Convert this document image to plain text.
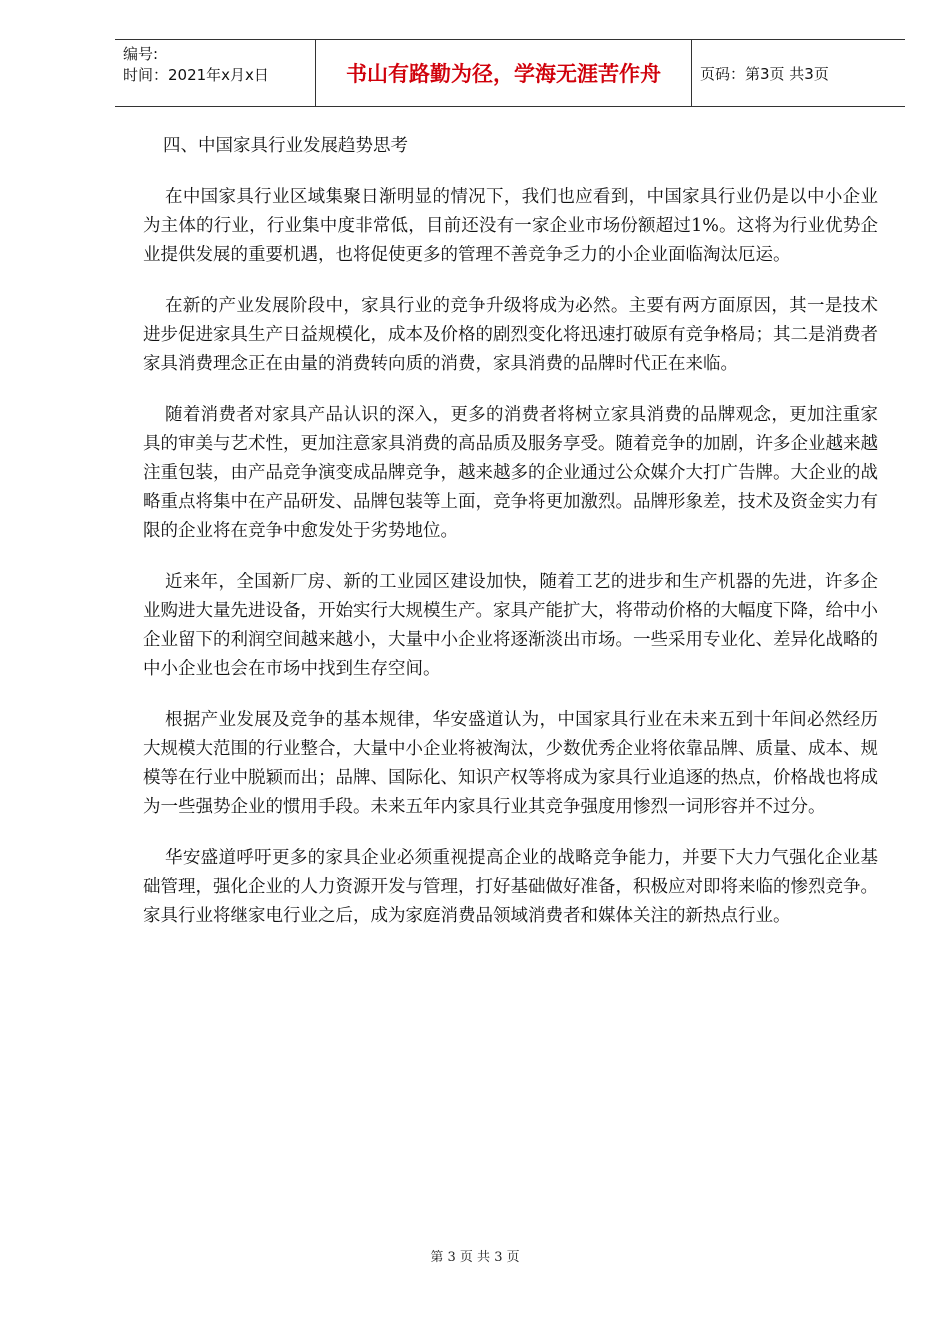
编号:
时间：2021年x月x日	书山有路勤为径，学海无涯苦作舟	页码：第3页 共3页

四、中国家具行业发展趋势思考

在中国家具行业区域集聚日渐明显的情况下，我们也应看到，中国家具行业仍是以中小企业为主体的行业，行业集中度非常低，目前还没有一家企业市场份额超过1%。这将为行业优势企业提供发展的重要机遇，也将促使更多的管理不善竞争乏力的小企业面临淘汰厄运。

在新的产业发展阶段中，家具行业的竞争升级将成为必然。主要有两方面原因，其一是技术进步促进家具生产日益规模化，成本及价格的剧烈变化将迅速打破原有竞争格局；其二是消费者家具消费理念正在由量的消费转向质的消费，家具消费的品牌时代正在来临。

随着消费者对家具产品认识的深入，更多的消费者将树立家具消费的品牌观念，更加注重家具的审美与艺术性，更加注意家具消费的高品质及服务享受。随着竞争的加剧，许多企业越来越注重包装，由产品竞争演变成品牌竞争，越来越多的企业通过公众媒介大打广告牌。大企业的战略重点将集中在产品研发、品牌包装等上面，竞争将更加激烈。品牌形象差，技术及资金实力有限的企业将在竞争中愈发处于劣势地位。

近来年，全国新厂房、新的工业园区建设加快，随着工艺的进步和生产机器的先进，许多企业购进大量先进设备，开始实行大规模生产。家具产能扩大，将带动价格的大幅度下降，给中小企业留下的利润空间越来越小，大量中小企业将逐渐淡出市场。一些采用专业化、差异化战略的中小企业也会在市场中找到生存空间。

根据产业发展及竞争的基本规律，华安盛道认为，中国家具行业在未来五到十年间必然经历大规模大范围的行业整合，大量中小企业将被淘汰，少数优秀企业将依靠品牌、质量、成本、规模等在行业中脱颖而出；品牌、国际化、知识产权等将成为家具行业追逐的热点，价格战也将成为一些强势企业的惯用手段。未来五年内家具行业其竞争强度用惨烈一词形容并不过分。

华安盛道呼吁更多的家具企业必须重视提高企业的战略竞争能力，并要下大力气强化企业基础管理，强化企业的人力资源开发与管理，打好基础做好准备，积极应对即将来临的惨烈竞争。家具行业将继家电行业之后，成为家庭消费品领域消费者和媒体关注的新热点行业。

第 3 页 共 3 页
